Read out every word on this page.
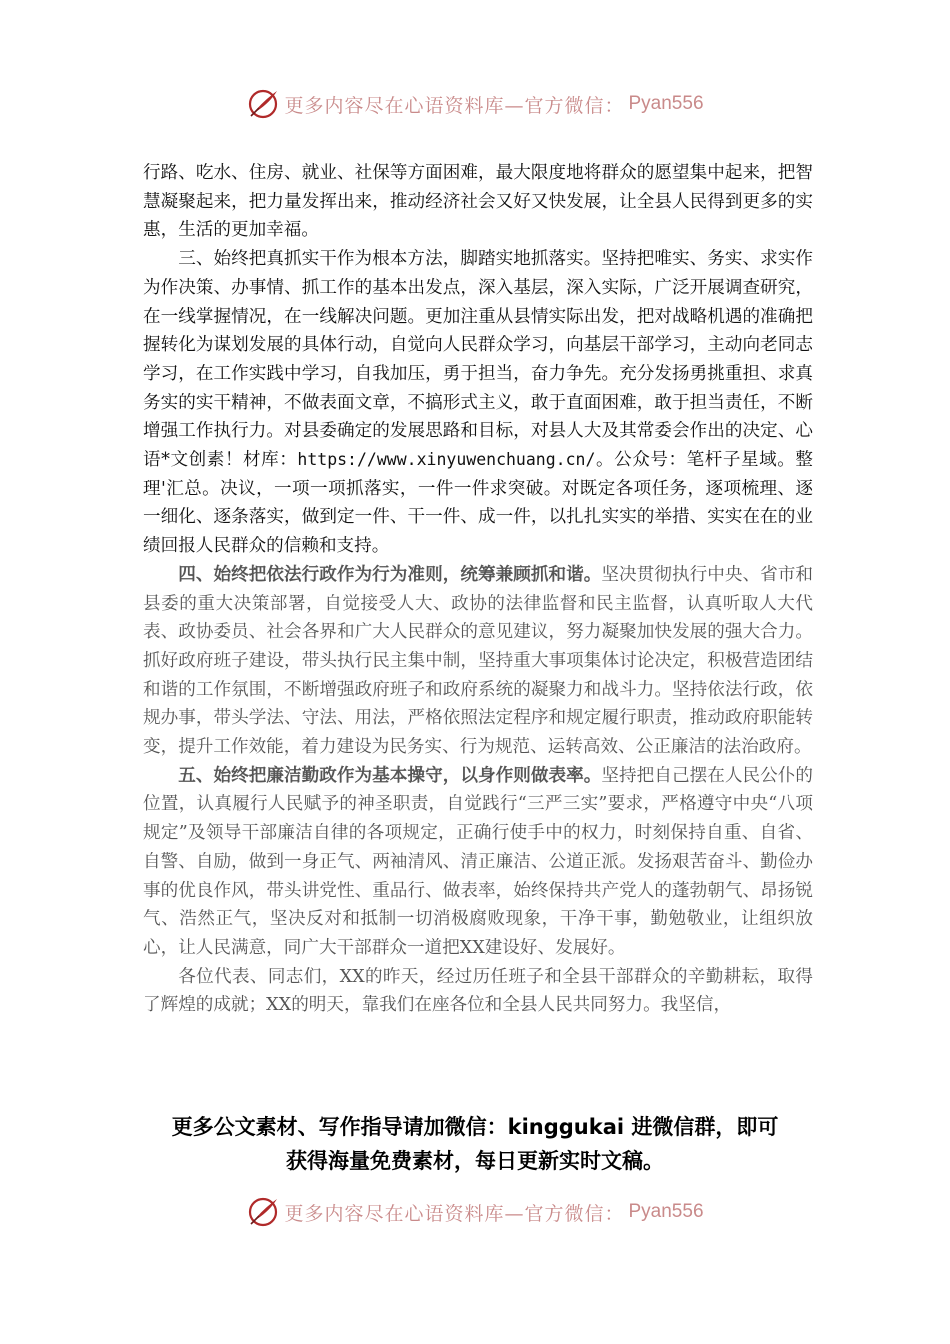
更多内容尽在心语资料库—官方微信： Pyan556

行路、吃水、住房、就业、社保等方面困难，最大限度地将群众的愿望集中起来，把智慧凝聚起来，把力量发挥出来，推动经济社会又好又快发展，让全县人民得到更多的实惠，生活的更加幸福。

三、始终把真抓实干作为根本方法，脚踏实地抓落实。坚持把唯实、务实、求实作为作决策、办事情、抓工作的基本出发点，深入基层，深入实际，广泛开展调查研究，在一线掌握情况，在一线解决问题。更加注重从县情实际出发，把对战略机遇的准确把握转化为谋划发展的具体行动，自觉向人民群众学习，向基层干部学习，主动向老同志学习，在工作实践中学习，自我加压，勇于担当，奋力争先。充分发扬勇挑重担、求真务实的实干精神，不做表面文章，不搞形式主义，敢于直面困难，敢于担当责任，不断增强工作执行力。对县委确定的发展思路和目标，对县人大及其常委会作出的决定、心语*文创素！材库：https://www.xinyuwenchuang.cn/。公众号：笔杆子星域。整理'汇总。决议，一项一项抓落实，一件一件求突破。对既定各项任务，逐项梳理、逐一细化、逐条落实，做到定一件、干一件、成一件，以扎扎实实的举措、实实在在的业绩回报人民群众的信赖和支持。

四、始终把依法行政作为行为准则，统筹兼顾抓和谐。坚决贯彻执行中央、省市和县委的重大决策部署，自觉接受人大、政协的法律监督和民主监督，认真听取人大代表、政协委员、社会各界和广大人民群众的意见建议，努力凝聚加快发展的强大合力。抓好政府班子建设，带头执行民主集中制，坚持重大事项集体讨论决定，积极营造团结和谐的工作氛围，不断增强政府班子和政府系统的凝聚力和战斗力。坚持依法行政，依规办事，带头学法、守法、用法，严格依照法定程序和规定履行职责，推动政府职能转变，提升工作效能，着力建设为民务实、行为规范、运转高效、公正廉洁的法治政府。

五、始终把廉洁勤政作为基本操守，以身作则做表率。坚持把自己摆在人民公仆的位置，认真履行人民赋予的神圣职责，自觉践行“三严三实”要求，严格遵守中央“八项规定”及领导干部廉洁自律的各项规定，正确行使手中的权力，时刻保持自重、自省、自警、自励，做到一身正气、两袖清风、清正廉洁、公道正派。发扬艰苦奋斗、勤俭办事的优良作风，带头讲党性、重品行、做表率，始终保持共产党人的蓬勃朝气、昂扬锐气、浩然正气，坚决反对和抵制一切消极腐败现象，干净干事，勤勉敬业，让组织放心，让人民满意，同广大干部群众一道把XX建设好、发展好。

各位代表、同志们，XX的昨天，经过历任班子和全县干部群众的辛勤耕耘，取得了辉煌的成就；XX的明天，靠我们在座各位和全县人民共同努力。我坚信，

更多公文素材、写作指导请加微信：kinggukai 进微信群，即可
获得海量免费素材，每日更新实时文稿。
更多内容尽在心语资料库—官方微信： Pyan556
